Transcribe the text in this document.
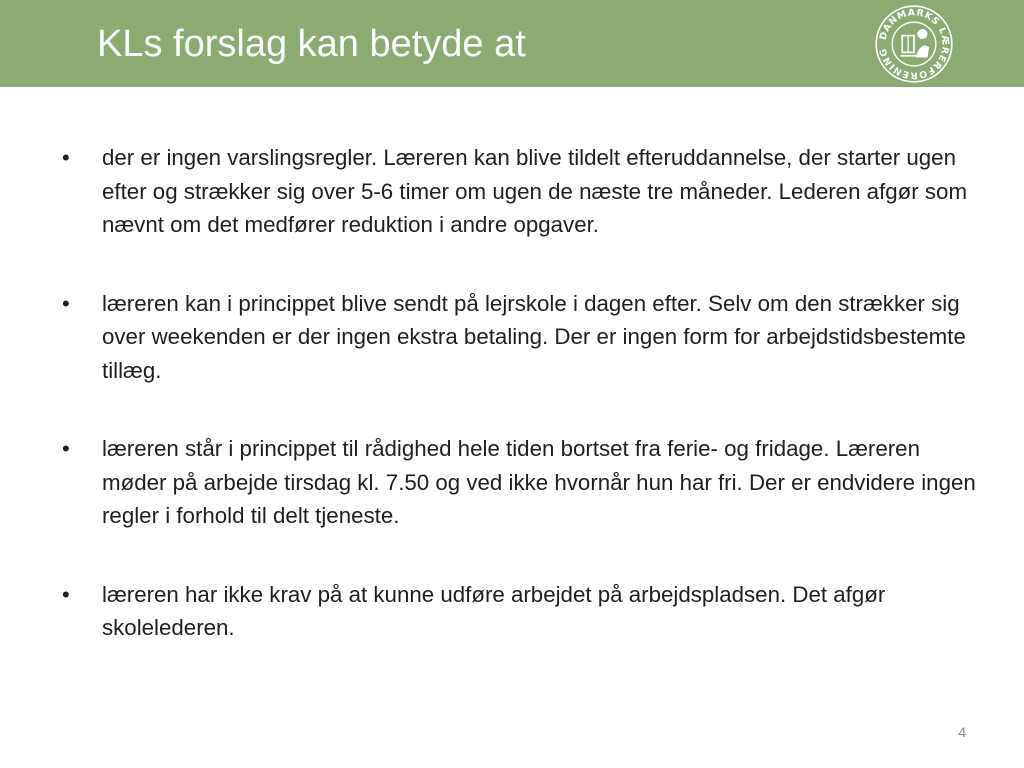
KLs forslag kan betyde at	DANMARKS LÆRERFORENING
•	der er ingen varslingsregler. Læreren kan blive tildelt efteruddannelse, der starter ugen efter og strækker sig over 5-6 timer om ugen de næste tre måneder. Lederen afgør som nævnt om det medfører reduktion i andre opgaver.
•	læreren kan i princippet blive sendt på lejrskole i dagen efter. Selv om den strækker sig over weekenden er der ingen ekstra betaling. Der er ingen form for arbejdstidsbestemte tillæg.
•	læreren står i princippet til rådighed hele tiden bortset fra ferie- og fridage. Læreren møder på arbejde tirsdag kl. 7.50 og ved ikke hvornår hun har fri. Der er endvidere ingen regler i forhold til delt tjeneste.
•	læreren har ikke krav på at kunne udføre arbejdet på arbejdspladsen. Det afgør skolelederen.
4
